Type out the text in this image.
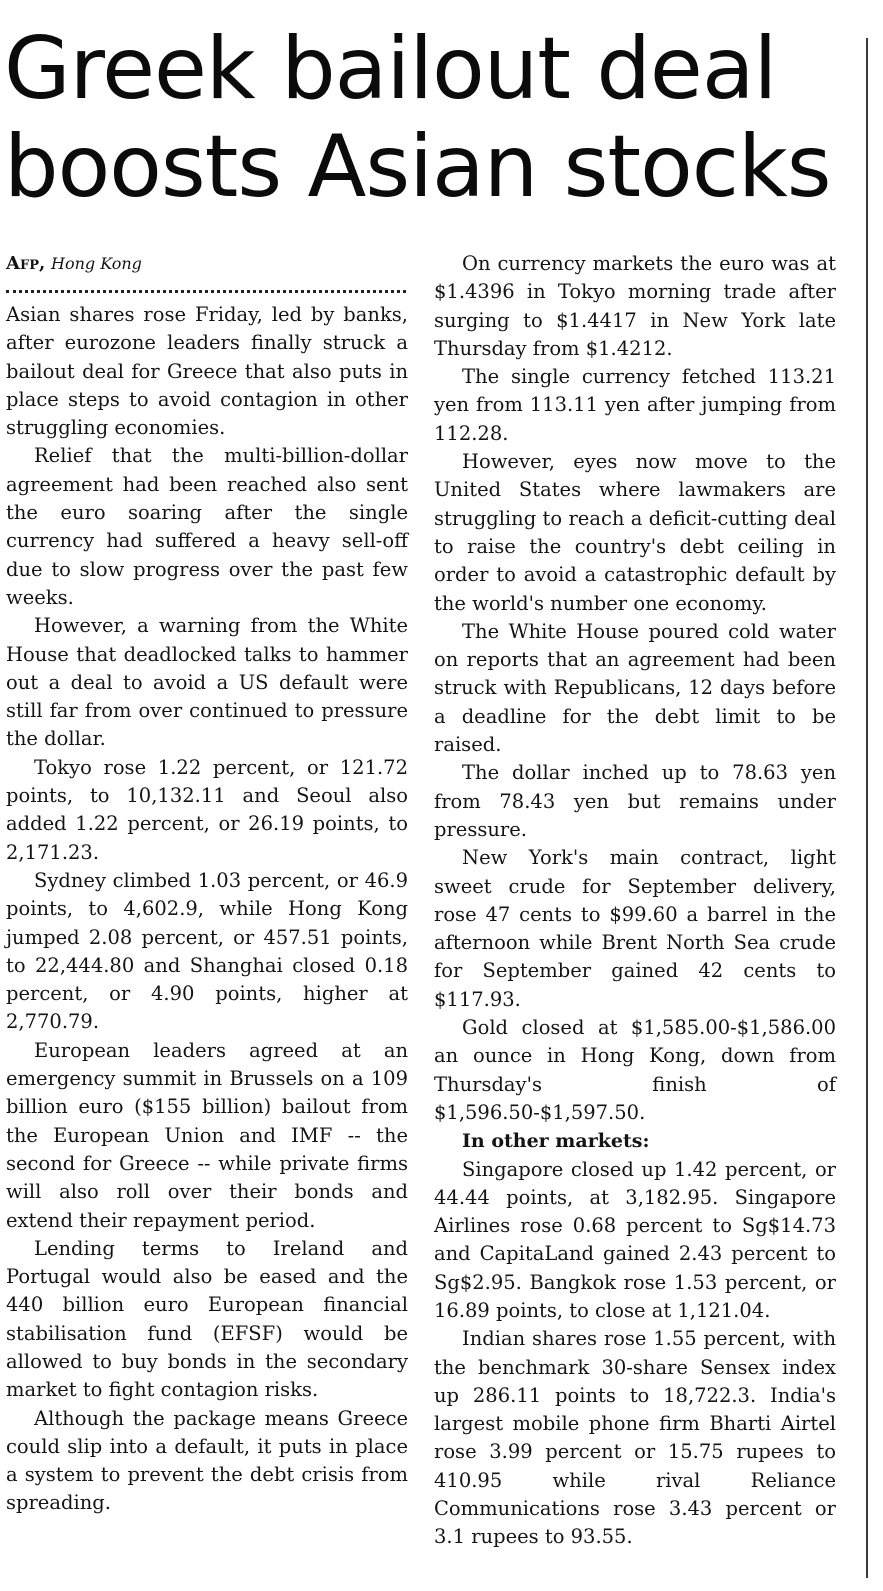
Greek bailout deal boosts Asian stocks
Afp, Hong Kong

Asian shares rose Friday, led by banks, after eurozone leaders finally struck a bailout deal for Greece that also puts in place steps to avoid contagion in other struggling economies.

Relief that the multi-billion-dollar agreement had been reached also sent the euro soaring after the single currency had suffered a heavy sell-off due to slow progress over the past few weeks.

However, a warning from the White House that deadlocked talks to hammer out a deal to avoid a US default were still far from over continued to pressure the dollar.

Tokyo rose 1.22 percent, or 121.72 points, to 10,132.11 and Seoul also added 1.22 percent, or 26.19 points, to 2,171.23.

Sydney climbed 1.03 percent, or 46.9 points, to 4,602.9, while Hong Kong jumped 2.08 percent, or 457.51 points, to 22,444.80 and Shanghai closed 0.18 percent, or 4.90 points, higher at 2,770.79.

European leaders agreed at an emergency summit in Brussels on a 109 billion euro ($155 billion) bailout from the European Union and IMF -- the second for Greece -- while private firms will also roll over their bonds and extend their repayment period.

Lending terms to Ireland and Portugal would also be eased and the 440 billion euro European financial stabilisation fund (EFSF) would be allowed to buy bonds in the secondary market to fight contagion risks.

Although the package means Greece could slip into a default, it puts in place a system to prevent the debt crisis from spreading.

On currency markets the euro was at $1.4396 in Tokyo morning trade after surging to $1.4417 in New York late Thursday from $1.4212.

The single currency fetched 113.21 yen from 113.11 yen after jumping from 112.28.

However, eyes now move to the United States where lawmakers are struggling to reach a deficit-cutting deal to raise the country's debt ceiling in order to avoid a catastrophic default by the world's number one economy.

The White House poured cold water on reports that an agreement had been struck with Republicans, 12 days before a deadline for the debt limit to be raised.

The dollar inched up to 78.63 yen from 78.43 yen but remains under pressure.

New York's main contract, light sweet crude for September delivery, rose 47 cents to $99.60 a barrel in the afternoon while Brent North Sea crude for September gained 42 cents to $117.93.

Gold closed at $1,585.00-$1,586.00 an ounce in Hong Kong, down from Thursday's finish of $1,596.50-$1,597.50.

In other markets:

Singapore closed up 1.42 percent, or 44.44 points, at 3,182.95. Singapore Airlines rose 0.68 percent to Sg$14.73 and CapitaLand gained 2.43 percent to Sg$2.95. Bangkok rose 1.53 percent, or 16.89 points, to close at 1,121.04.

Indian shares rose 1.55 percent, with the benchmark 30-share Sensex index up 286.11 points to 18,722.3. India's largest mobile phone firm Bharti Airtel rose 3.99 percent or 15.75 rupees to 410.95 while rival Reliance Communications rose 3.43 percent or 3.1 rupees to 93.55.
